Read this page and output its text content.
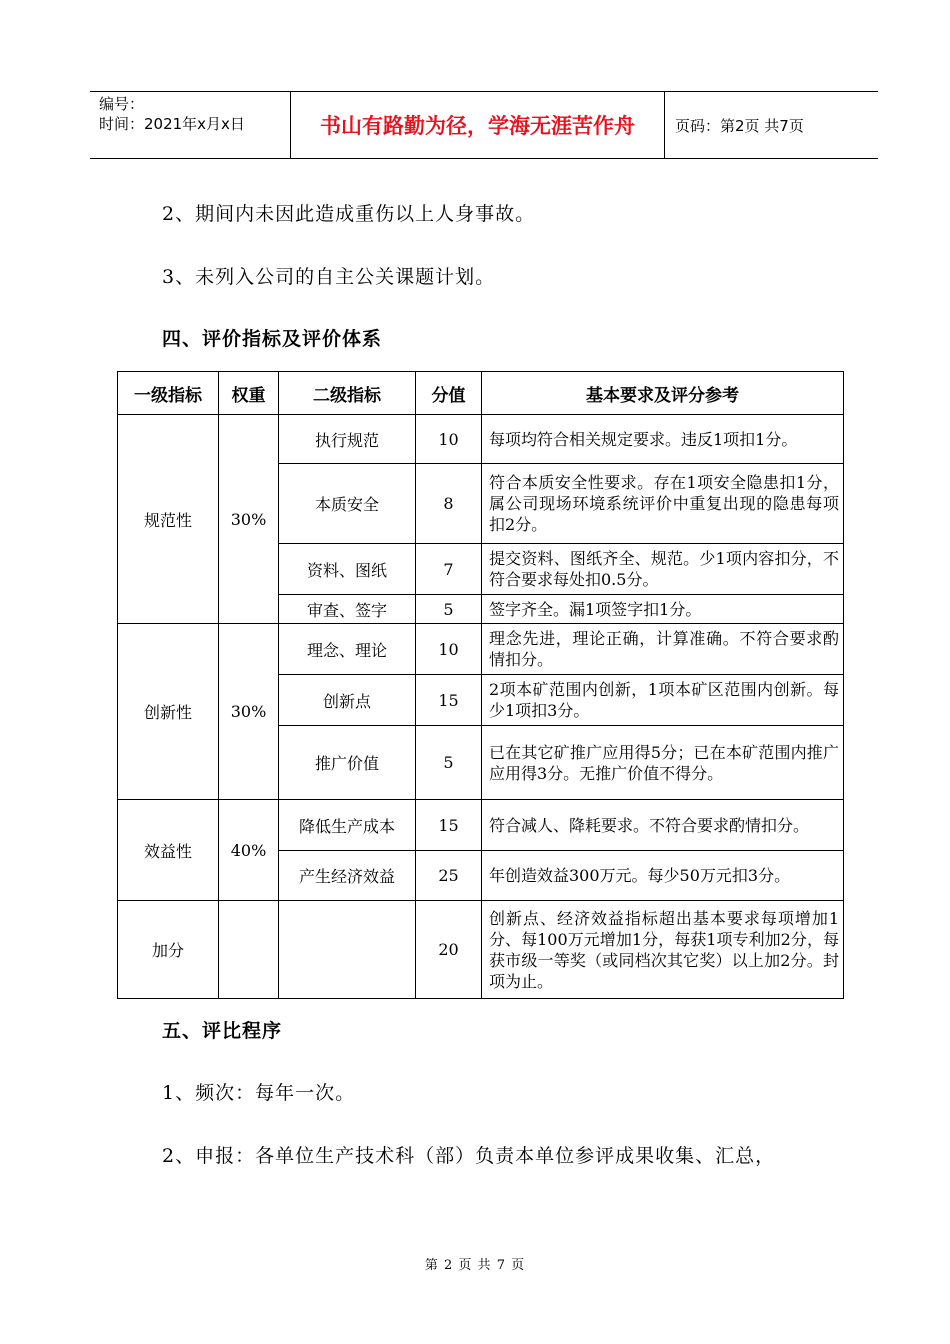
编号：
时间：2021年x月x日	书山有路勤为径，学海无涯苦作舟	页码：第2页 共7页
2、期间内未因此造成重伤以上人身事故。
3、未列入公司的自主公关课题计划。
四、评价指标及评价体系
一级指标	权重	二级指标	分值	基本要求及评分参考
规范性	30%	执行规范	10	每项均符合相关规定要求。违反1项扣1分。
		本质安全	8	符合本质安全性要求。存在1项安全隐患扣1分，属公司现场环境系统评价中重复出现的隐患每项扣2分。
		资料、图纸	7	提交资料、图纸齐全、规范。少1项内容扣分，不符合要求每处扣0.5分。
		审查、签字	5	签字齐全。漏1项签字扣1分。
创新性	30%	理念、理论	10	理念先进，理论正确，计算准确。不符合要求酌情扣分。
		创新点	15	2项本矿范围内创新，1项本矿区范围内创新。每少1项扣3分。
		推广价值	5	已在其它矿推广应用得5分；已在本矿范围内推广应用得3分。无推广价值不得分。
效益性	40%	降低生产成本	15	符合减人、降耗要求。不符合要求酌情扣分。
		产生经济效益	25	年创造效益300万元。每少50万元扣3分。
加分			20	创新点、经济效益指标超出基本要求每项增加1分、每100万元增加1分，每获1项专利加2分，每获市级一等奖（或同档次其它奖）以上加2分。封项为止。
五、评比程序
1、频次：每年一次。
2、申报：各单位生产技术科（部）负责本单位参评成果收集、汇总，
第 2 页 共 7 页
